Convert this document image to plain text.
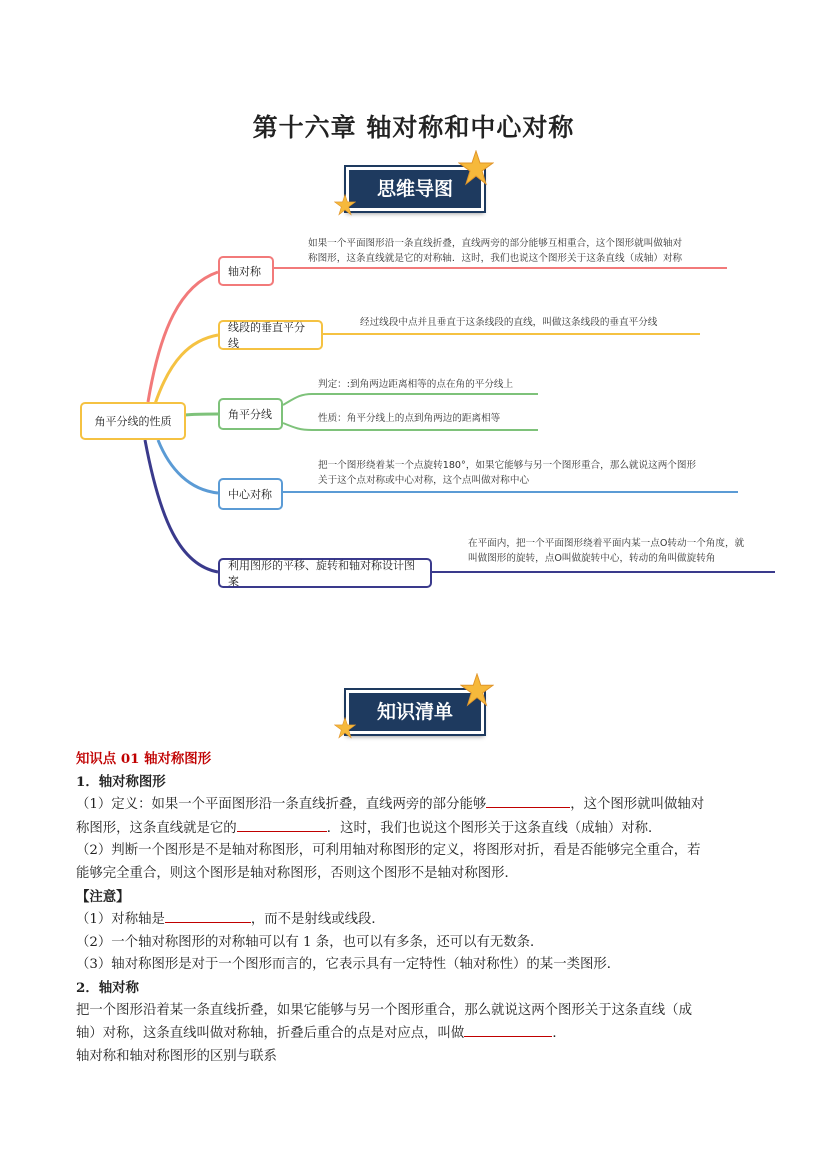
第十六章 轴对称和中心对称
思维导图
角平分线的性质
轴对称
如果一个平面图形沿一条直线折叠，直线两旁的部分能够互相重合，这个图形就叫做轴对
称图形，这条直线就是它的对称轴．这时，我们也说这个图形关于这条直线（成轴）对称
线段的垂直平分线
经过线段中点并且垂直于这条线段的直线，叫做这条线段的垂直平分线
角平分线
判定：:到角两边距离相等的点在角的平分线上
性质：角平分线上的点到角两边的距离相等
中心对称
把一个图形绕着某一个点旋转180°，如果它能够与另一个图形重合，那么就说这两个图形
关于这个点对称或中心对称，这个点叫做对称中心
利用图形的平移、旋转和轴对称设计图案
在平面内，把一个平面图形绕着平面内某一点O转动一个角度，就
叫做图形的旋转，点O叫做旋转中心，转动的角叫做旋转角
知识清单

知识点 01 轴对称图形

1．轴对称图形

（1）定义：如果一个平面图形沿一条直线折叠，直线两旁的部分能够	，这个图形就叫做轴对

称图形，这条直线就是它的	．这时，我们也说这个图形关于这条直线（成轴）对称．

（2）判断一个图形是不是轴对称图形，可利用轴对称图形的定义，将图形对折，看是否能够完全重合，若

能够完全重合，则这个图形是轴对称图形，否则这个图形不是轴对称图形．

【注意】

（1）对称轴是	，而不是射线或线段．

（2）一个轴对称图形的对称轴可以有 1 条，也可以有多条，还可以有无数条．

（3）轴对称图形是对于一个图形而言的，它表示具有一定特性（轴对称性）的某一类图形．

2．轴对称

把一个图形沿着某一条直线折叠，如果它能够与另一个图形重合，那么就说这两个图形关于这条直线（成

轴）对称，这条直线叫做对称轴，折叠后重合的点是对应点，叫做	．

轴对称和轴对称图形的区别与联系
